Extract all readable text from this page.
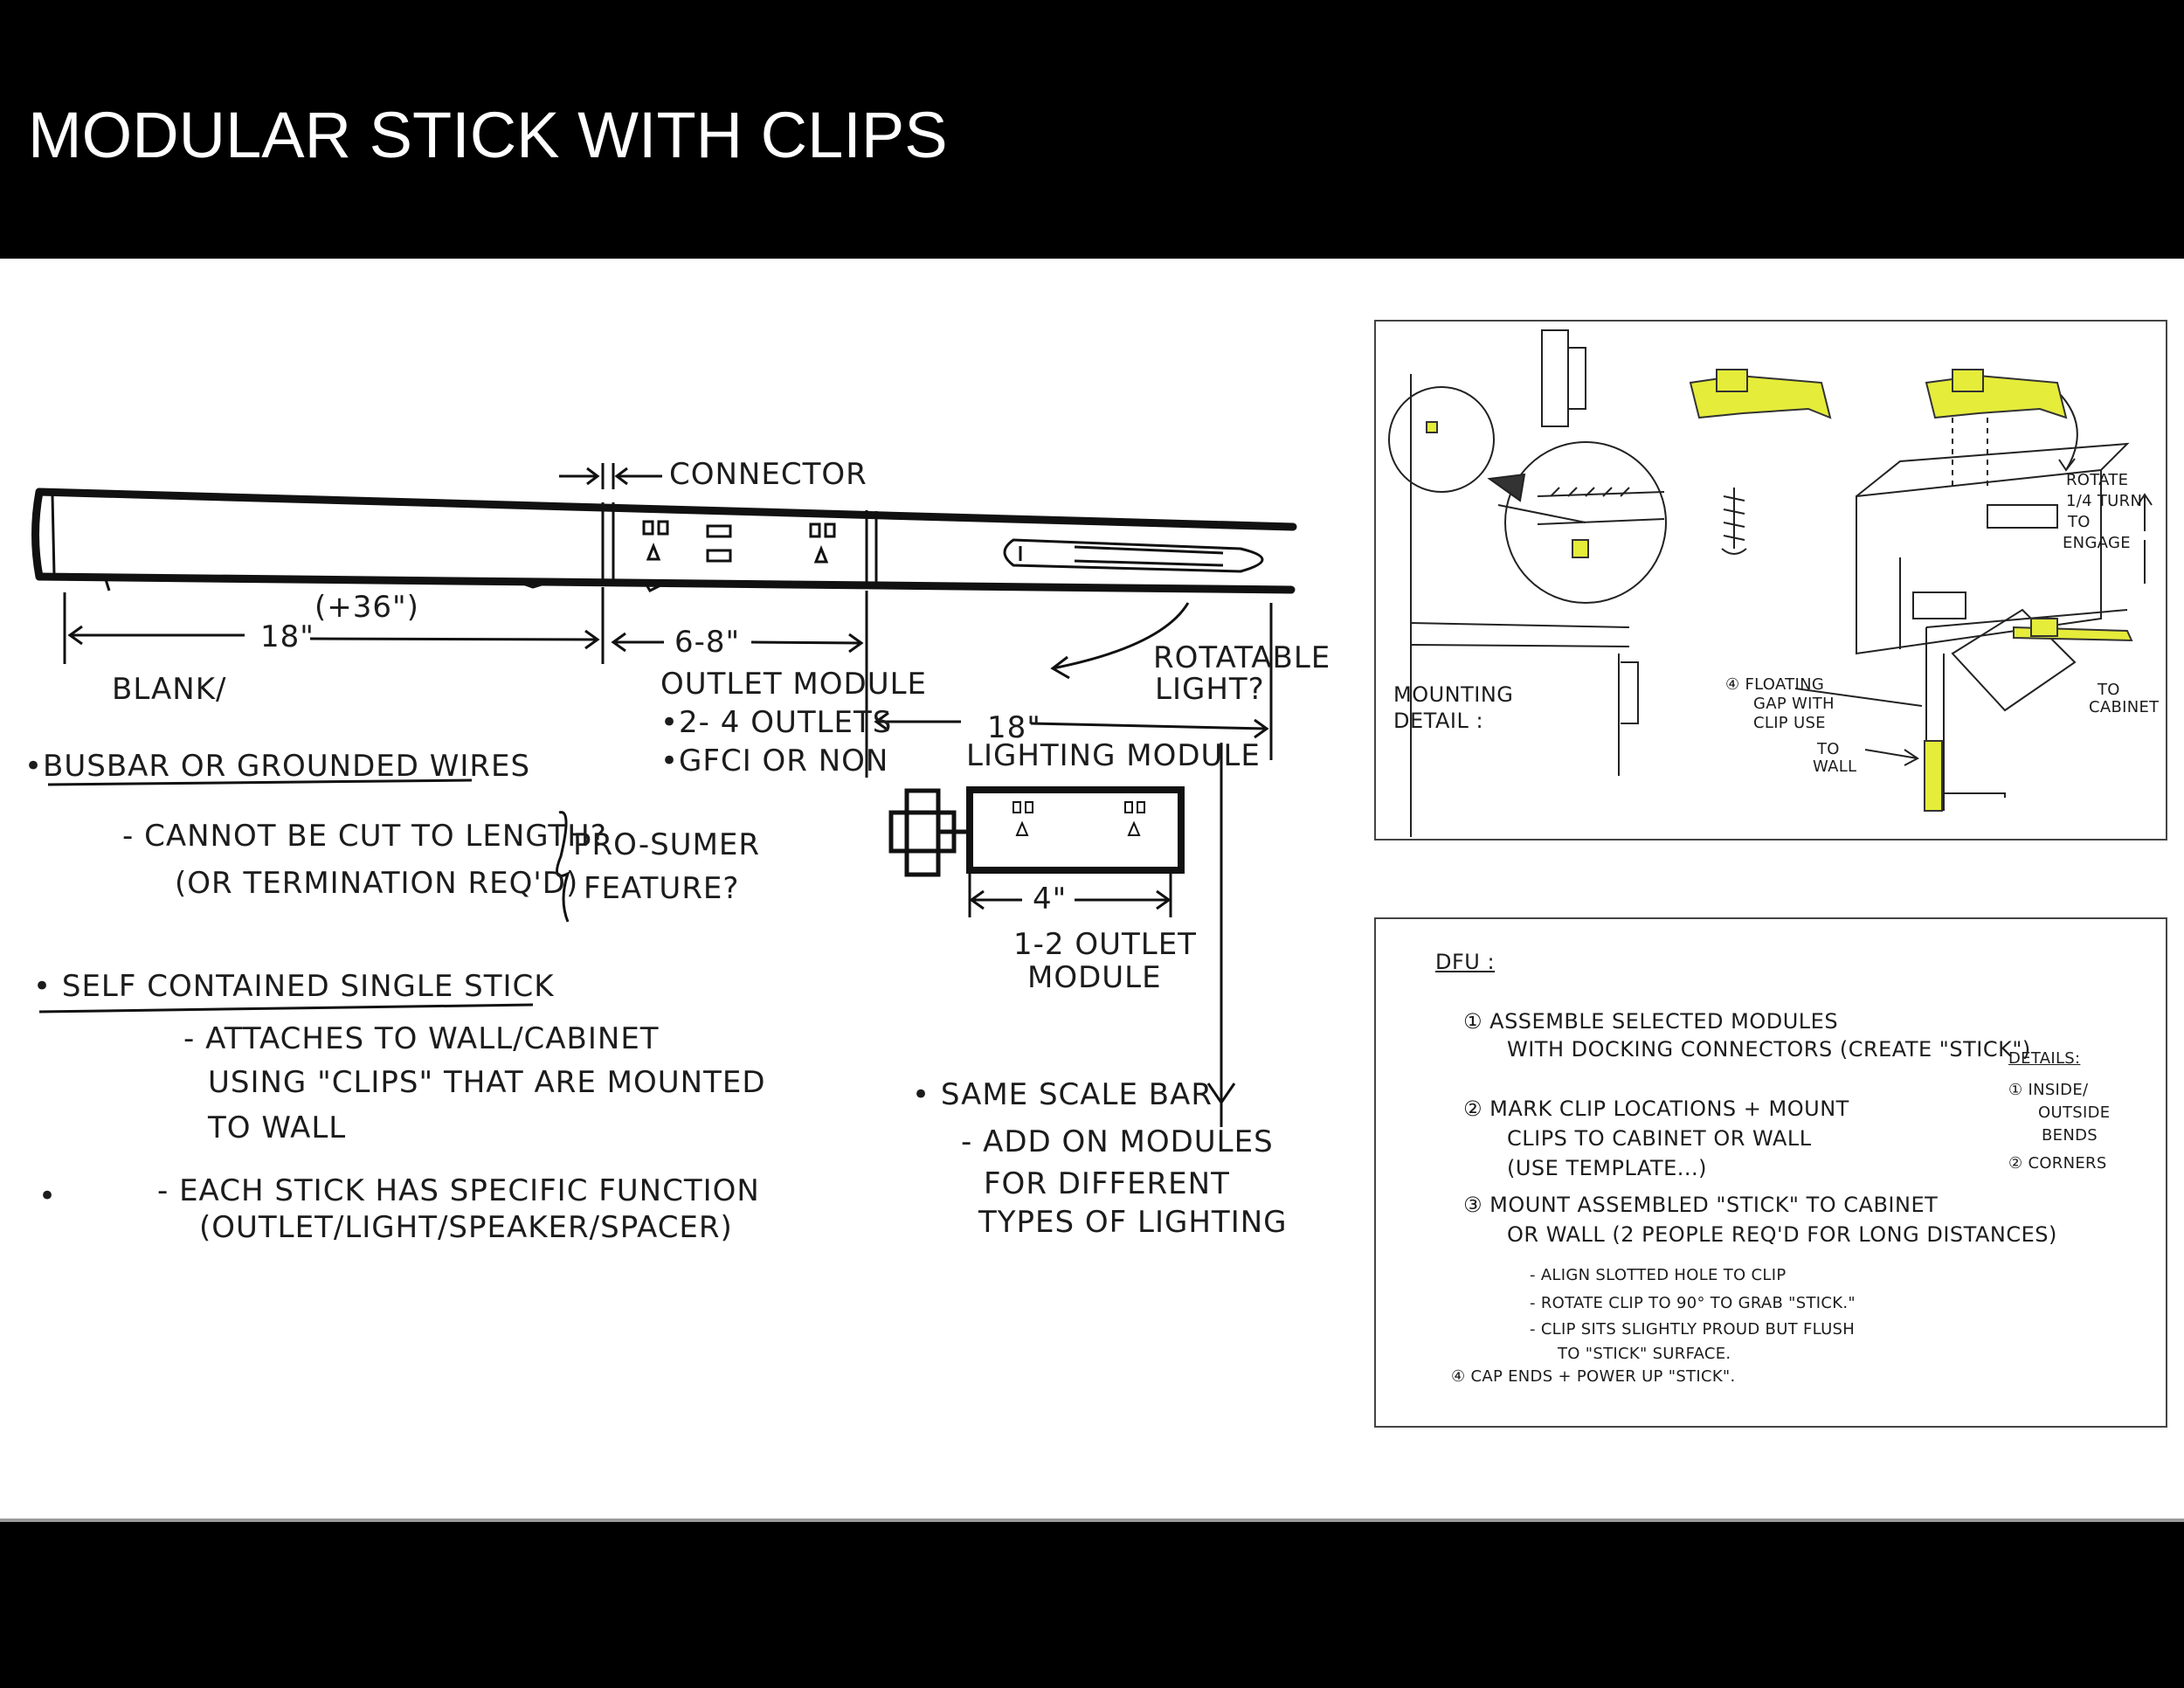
MODULAR STICK WITH CLIPS

CONNECTOR

(+36")

18"

BLANK/

6-8"

OUTLET MODULE

•2- 4 OUTLETS

•GFCI OR NON

ROTATABLE

LIGHT?

18"

LIGHTING MODULE

4"

1-2 OUTLET

MODULE

•BUSBAR OR GROUNDED WIRES

- CANNOT BE CUT TO LENGTH?

(OR TERMINATION REQ'D)

PRO-SUMER

FEATURE?

• SELF CONTAINED SINGLE STICK

- ATTACHES TO WALL/CABINET

USING "CLIPS" THAT ARE MOUNTED

TO WALL

•	- EACH STICK HAS SPECIFIC FUNCTION

(OUTLET/LIGHT/SPEAKER/SPACER)

• SAME SCALE BAR

- ADD ON MODULES

FOR DIFFERENT

TYPES OF LIGHTING

MOUNTING

DETAIL :

ROTATE

1/4 TURN

TO

ENGAGE

④ FLOATING

GAP WITH

CLIP USE

TO

WALL

TO

CABINET

DFU :

① ASSEMBLE SELECTED MODULES

WITH DOCKING CONNECTORS (CREATE "STICK")

② MARK CLIP LOCATIONS + MOUNT

CLIPS TO CABINET OR WALL

(USE TEMPLATE...)

③ MOUNT ASSEMBLED "STICK" TO CABINET

OR WALL (2 PEOPLE REQ'D FOR LONG DISTANCES)

- ALIGN SLOTTED HOLE TO CLIP

- ROTATE CLIP TO 90° TO GRAB "STICK."

- CLIP SITS SLIGHTLY PROUD BUT FLUSH

TO "STICK" SURFACE.

④ CAP ENDS + POWER UP "STICK".

DETAILS:

① INSIDE/

OUTSIDE

BENDS

② CORNERS
